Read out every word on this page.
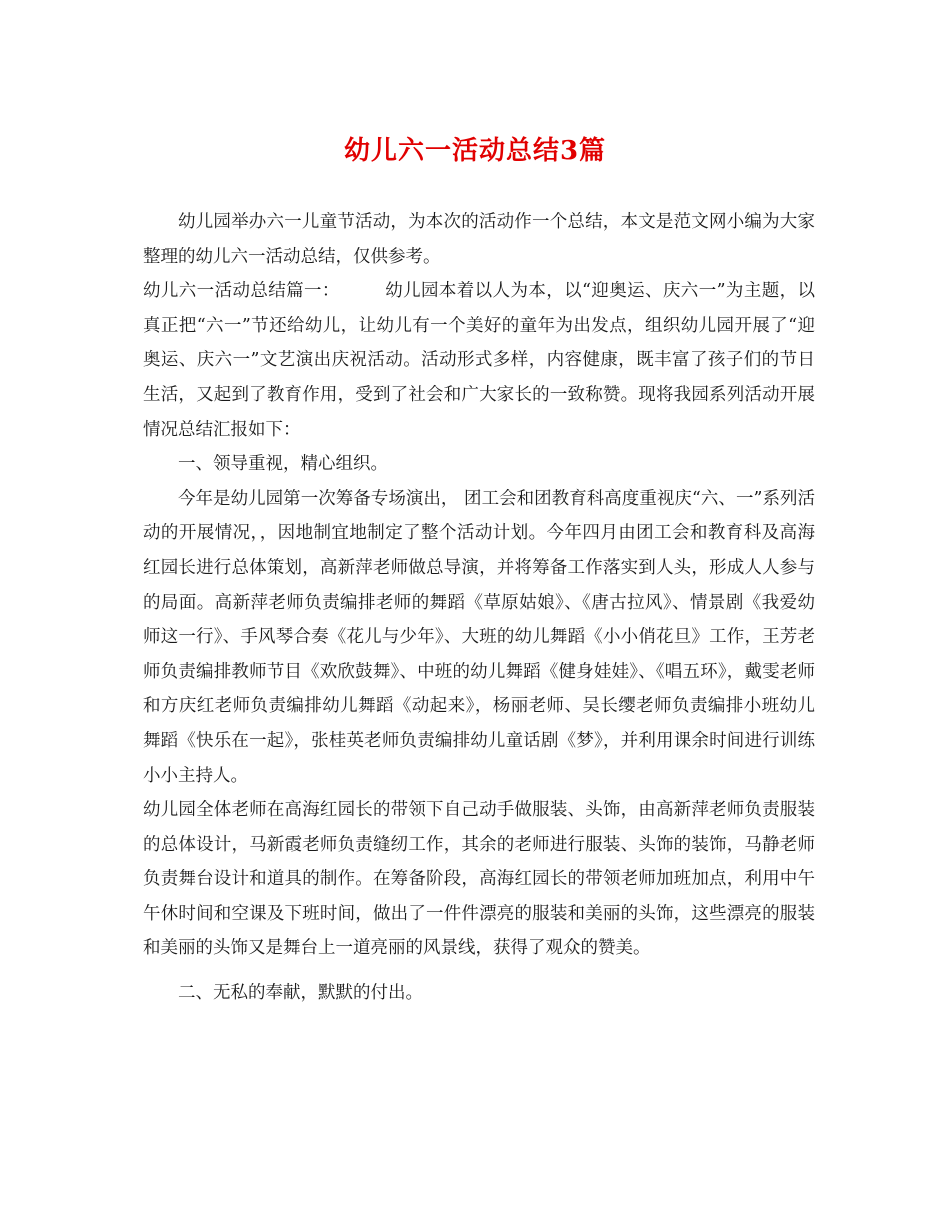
幼儿六一活动总结3篇

幼儿园举办六一儿童节活动，为本次的活动作一个总结，本文是范文网小编为大家整理的幼儿六一活动总结，仅供参考。

幼儿六一活动总结篇一：	幼儿园本着以人为本，以“迎奥运、庆六一”为主题，以真正把“六一”节还给幼儿，让幼儿有一个美好的童年为出发点，组织幼儿园开展了“迎奥运、庆六一”文艺演出庆祝活动。活动形式多样，内容健康，既丰富了孩子们的节日生活，又起到了教育作用，受到了社会和广大家长的一致称赞。现将我园系列活动开展情况总结汇报如下：

一、领导重视，精心组织。

今年是幼儿园第一次筹备专场演出， 团工会和团教育科高度重视庆“六、一”系列活动的开展情况，，因地制宜地制定了整个活动计划。今年四月由团工会和教育科及高海红园长进行总体策划，高新萍老师做总导演，并将筹备工作落实到人头，形成人人参与的局面。高新萍老师负责编排老师的舞蹈《草原姑娘》、《唐古拉风》、情景剧《我爱幼师这一行》、手风琴合奏《花儿与少年》、大班的幼儿舞蹈《小小俏花旦》工作，王芳老师负责编排教师节目《欢欣鼓舞》、中班的幼儿舞蹈《健身娃娃》、《唱五环》，戴雯老师和方庆红老师负责编排幼儿舞蹈《动起来》，杨丽老师、吴长缨老师负责编排小班幼儿舞蹈《快乐在一起》，张桂英老师负责编排幼儿童话剧《梦》，并利用课余时间进行训练小小主持人。

幼儿园全体老师在高海红园长的带领下自己动手做服装、头饰，由高新萍老师负责服装的总体设计，马新霞老师负责缝纫工作，其余的老师进行服装、头饰的装饰，马静老师负责舞台设计和道具的制作。在筹备阶段，高海红园长的带领老师加班加点，利用中午午休时间和空课及下班时间，做出了一件件漂亮的服装和美丽的头饰，这些漂亮的服装和美丽的头饰又是舞台上一道亮丽的风景线，获得了观众的赞美。

二、无私的奉献，默默的付出。
